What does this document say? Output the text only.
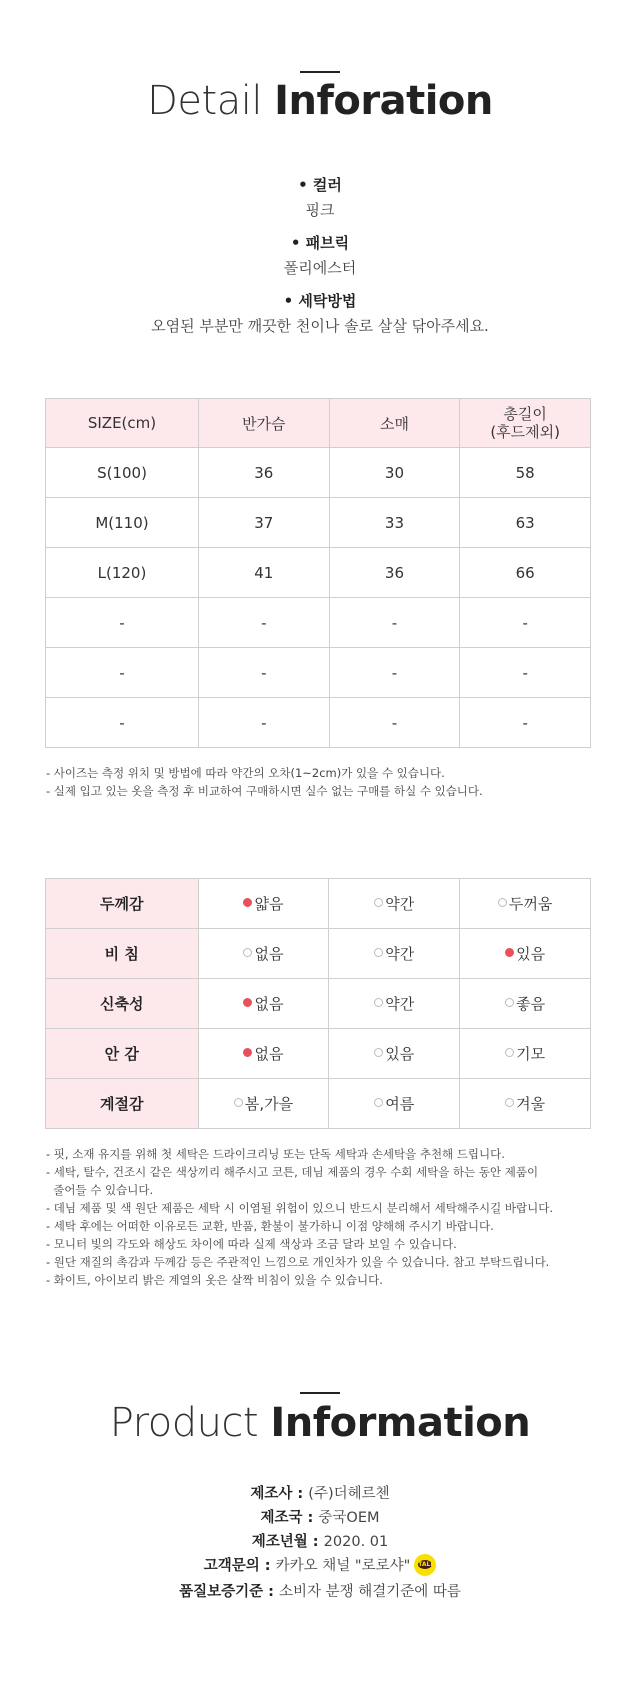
Detail Inforation
• 컬러
핑크
• 패브릭
폴리에스터
• 세탁방법
오염된 부분만 깨끗한 천이나 솔로 살살 닦아주세요.
SIZE(cm)	반가슴	소매	총길이
(후드제외)
S(100)	36	30	58
M(110)	37	33	63
L(120)	41	36	66
-	-	-	-
-	-	-	-
-	-	-	-
- 사이즈는 측정 위치 및 방법에 따라 약간의 오차(1~2cm)가 있을 수 있습니다.
- 실제 입고 있는 옷을 측정 후 비교하여 구매하시면 실수 없는 구매를 하실 수 있습니다.
두께감	얇음	약간	두꺼움
비 침	없음	약간	있음
신축성	없음	약간	좋음
안 감	없음	있음	기모
계절감	봄,가을	여름	겨울
- 핏, 소재 유지를 위해 첫 세탁은 드라이크리닝 또는 단독 세탁과 손세탁을 추천해 드립니다.
- 세탁, 탈수, 건조시 같은 색상끼리 해주시고 코튼, 데님 제품의 경우 수회 세탁을 하는 동안 제품이
줄어들 수 있습니다.
- 데님 제품 및 색 원단 제품은 세탁 시 이염될 위험이 있으니 반드시 분리해서 세탁해주시길 바랍니다.
- 세탁 후에는 어떠한 이유로든 교환, 반품, 환불이 불가하니 이점 양해해 주시기 바랍니다.
- 모니터 빛의 각도와 해상도 차이에 따라 실제 색상과 조금 달라 보일 수 있습니다.
- 원단 재질의 촉감과 두께감 등은 주관적인 느낌으로 개인차가 있을 수 있습니다. 참고 부탁드립니다.
- 화이트, 아이보리 밝은 계열의 옷은 살짝 비침이 있을 수 있습니다.
Product Information
제조사 : (주)더헤르첸
제조국 : 중국OEM
제조년월 : 2020. 01
고객문의 : 카카오 채널 "로로샤" TALK
품질보증기준 : 소비자 분쟁 해결기준에 따름
